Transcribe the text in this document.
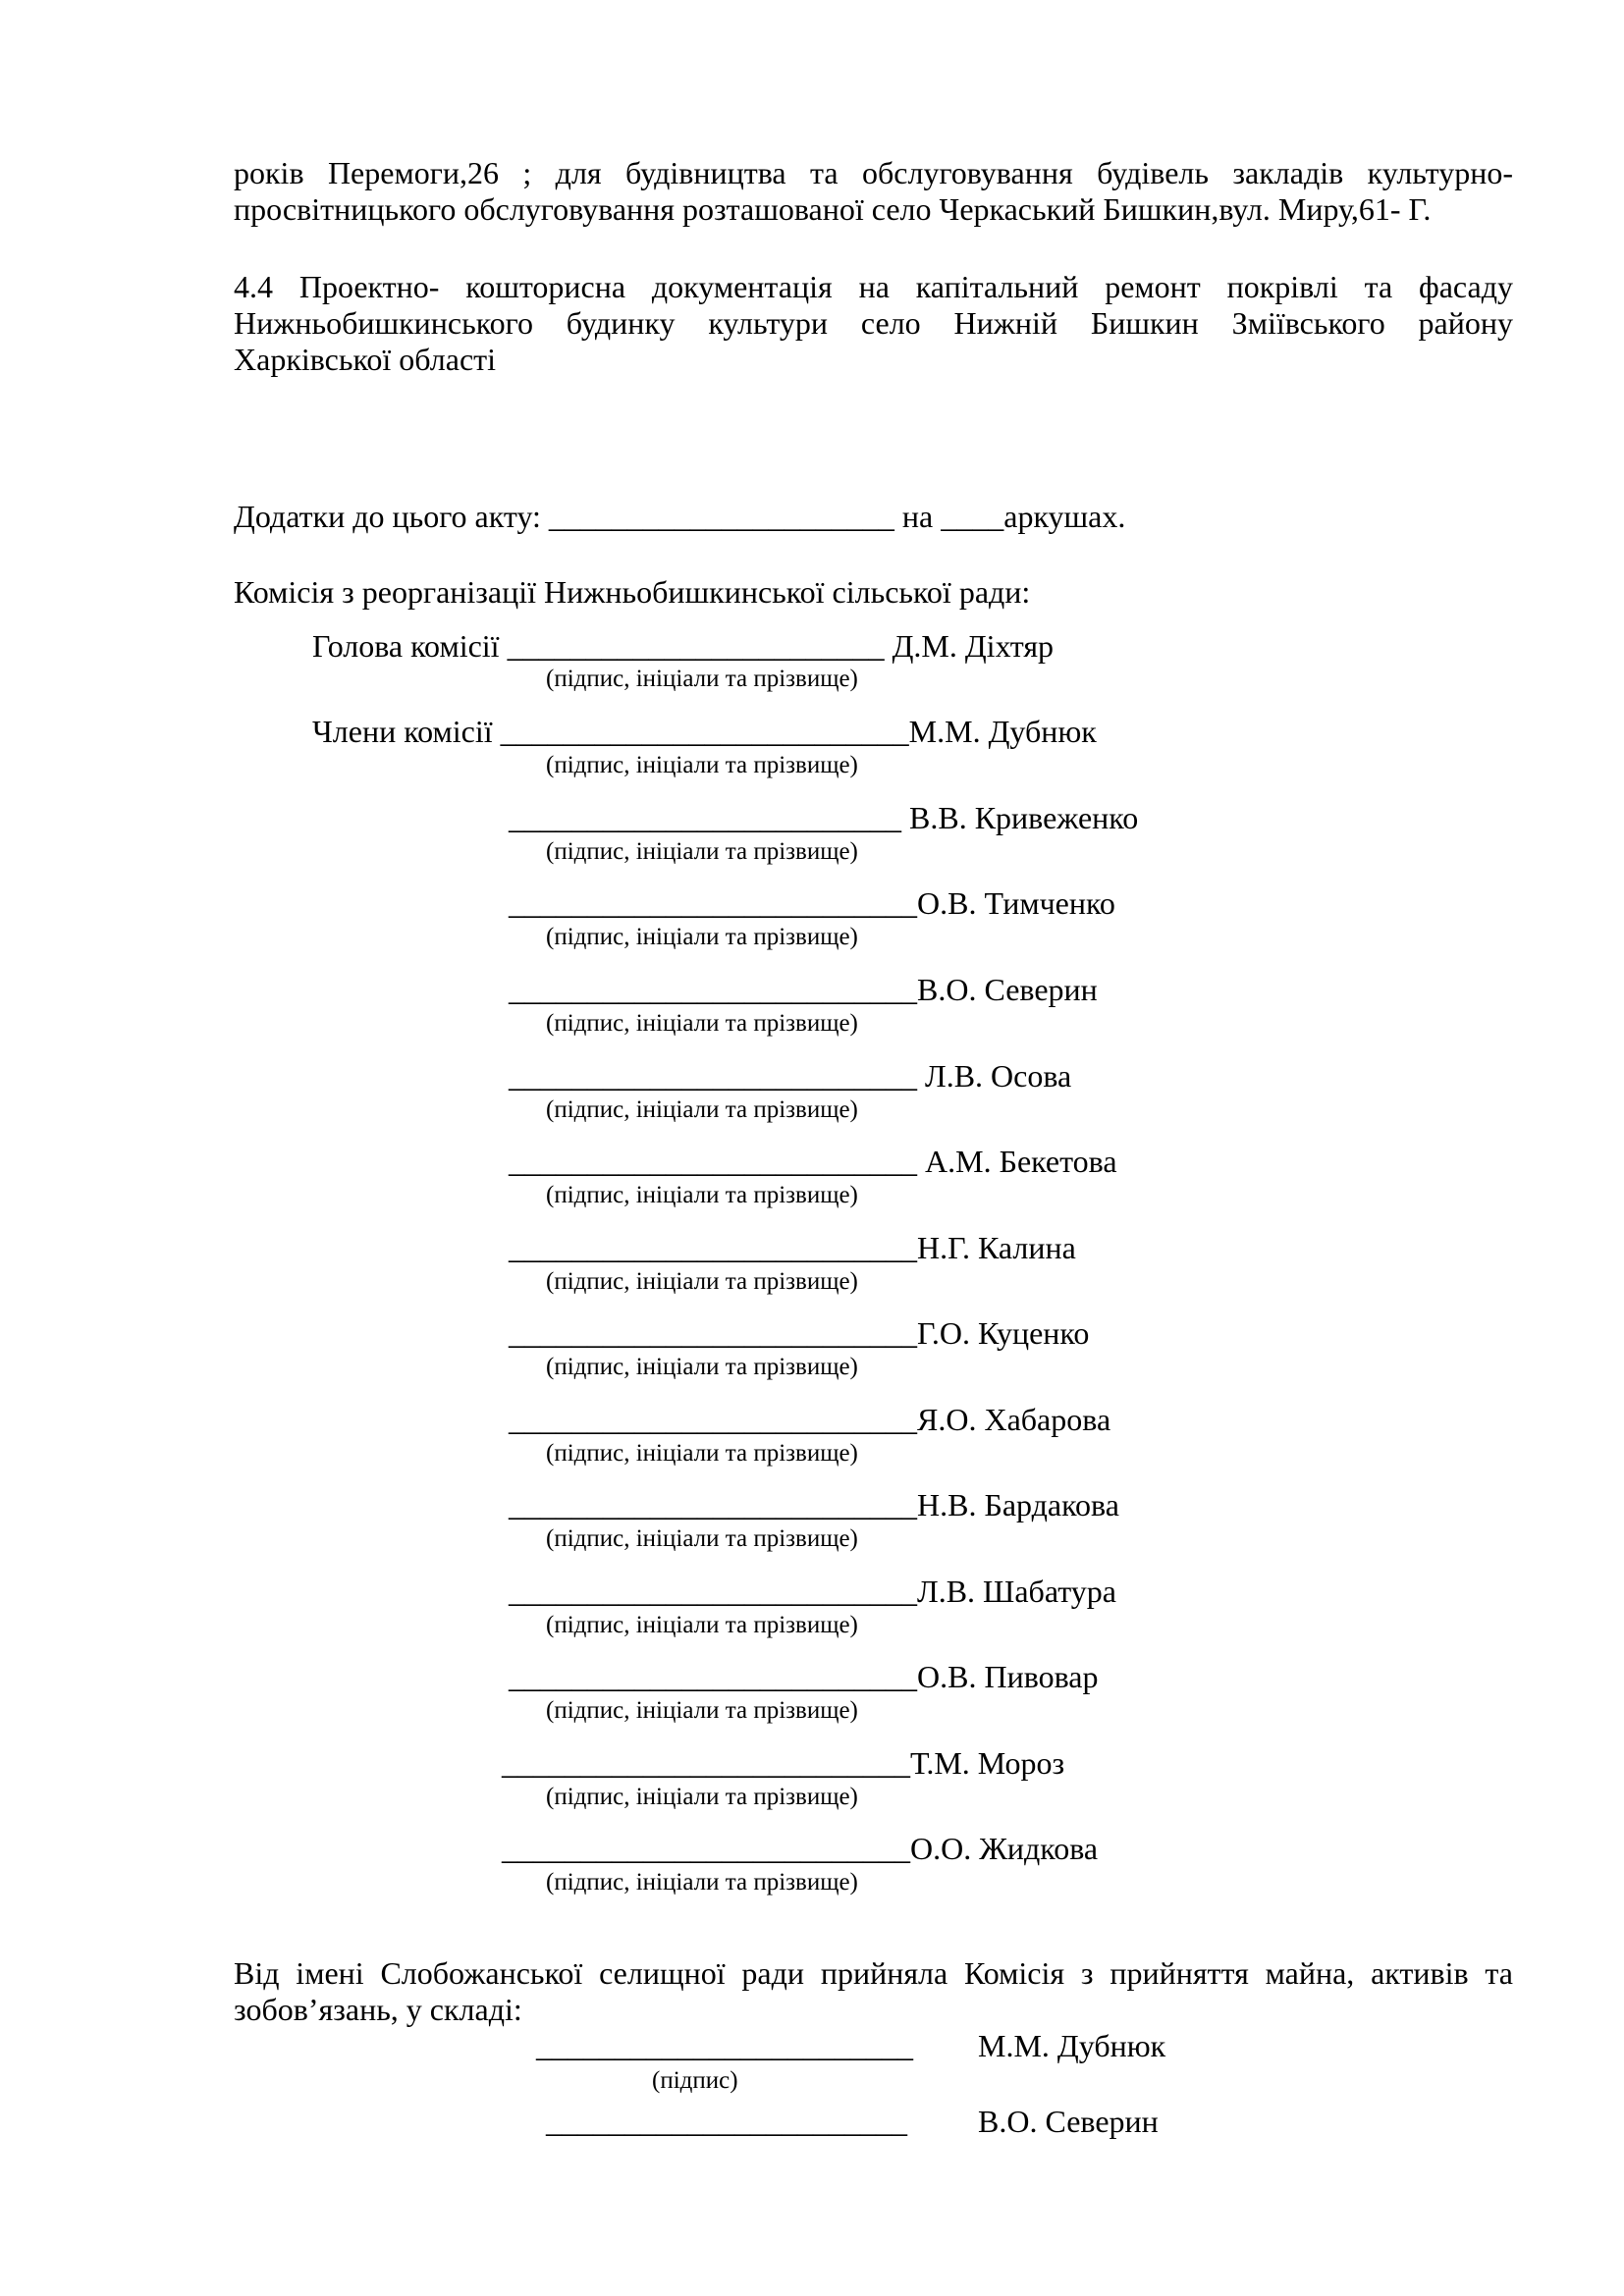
років Перемоги,26 ; для будівництва та обслуговування будівель закладів культурно-
просвітницького обслуговування розташованої село Черкаський Бишкин,вул. Миру,61- Г.
4.4 Проектно- кошторисна документація на капітальний ремонт покрівлі та фасаду Нижньобишкинського будинку культури село Нижній Бишкин Зміївського району
Харківської області
Додатки до цього акту: ______________________ на ____аркушах.
Комісія з реорганізації Нижньобишкинської сільської ради:
Голова комісії ________________________ Д.М. Діхтяр
(підпис, ініціали та прізвище)
Члени комісії __________________________М.М. Дубнюк
(підпис, ініціали та прізвище)
_________________________ В.В. Кривеженко
(підпис, ініціали та прізвище)
__________________________О.В. Тимченко
(підпис, ініціали та прізвище)
__________________________В.О. Северин
(підпис, ініціали та прізвище)
__________________________ Л.В. Осова
(підпис, ініціали та прізвище)
__________________________ А.М. Бекетова
(підпис, ініціали та прізвище)
__________________________Н.Г. Калина
(підпис, ініціали та прізвище)
__________________________Г.О. Куценко
(підпис, ініціали та прізвище)
__________________________Я.О. Хабарова
(підпис, ініціали та прізвище)
__________________________Н.В. Бардакова
(підпис, ініціали та прізвище)
__________________________Л.В. Шабатура
(підпис, ініціали та прізвище)
__________________________О.В. Пивовар
(підпис, ініціали та прізвище)
__________________________Т.М. Мороз
(підпис, ініціали та прізвище)
__________________________О.О. Жидкова
(підпис, ініціали та прізвище)
Від імені Слобожанської селищної ради прийняла Комісія з прийняття майна, активів та
зобов’язань, у складі:
________________________ М.М. Дубнюк
(підпис)
_______________________ В.О. Северин
